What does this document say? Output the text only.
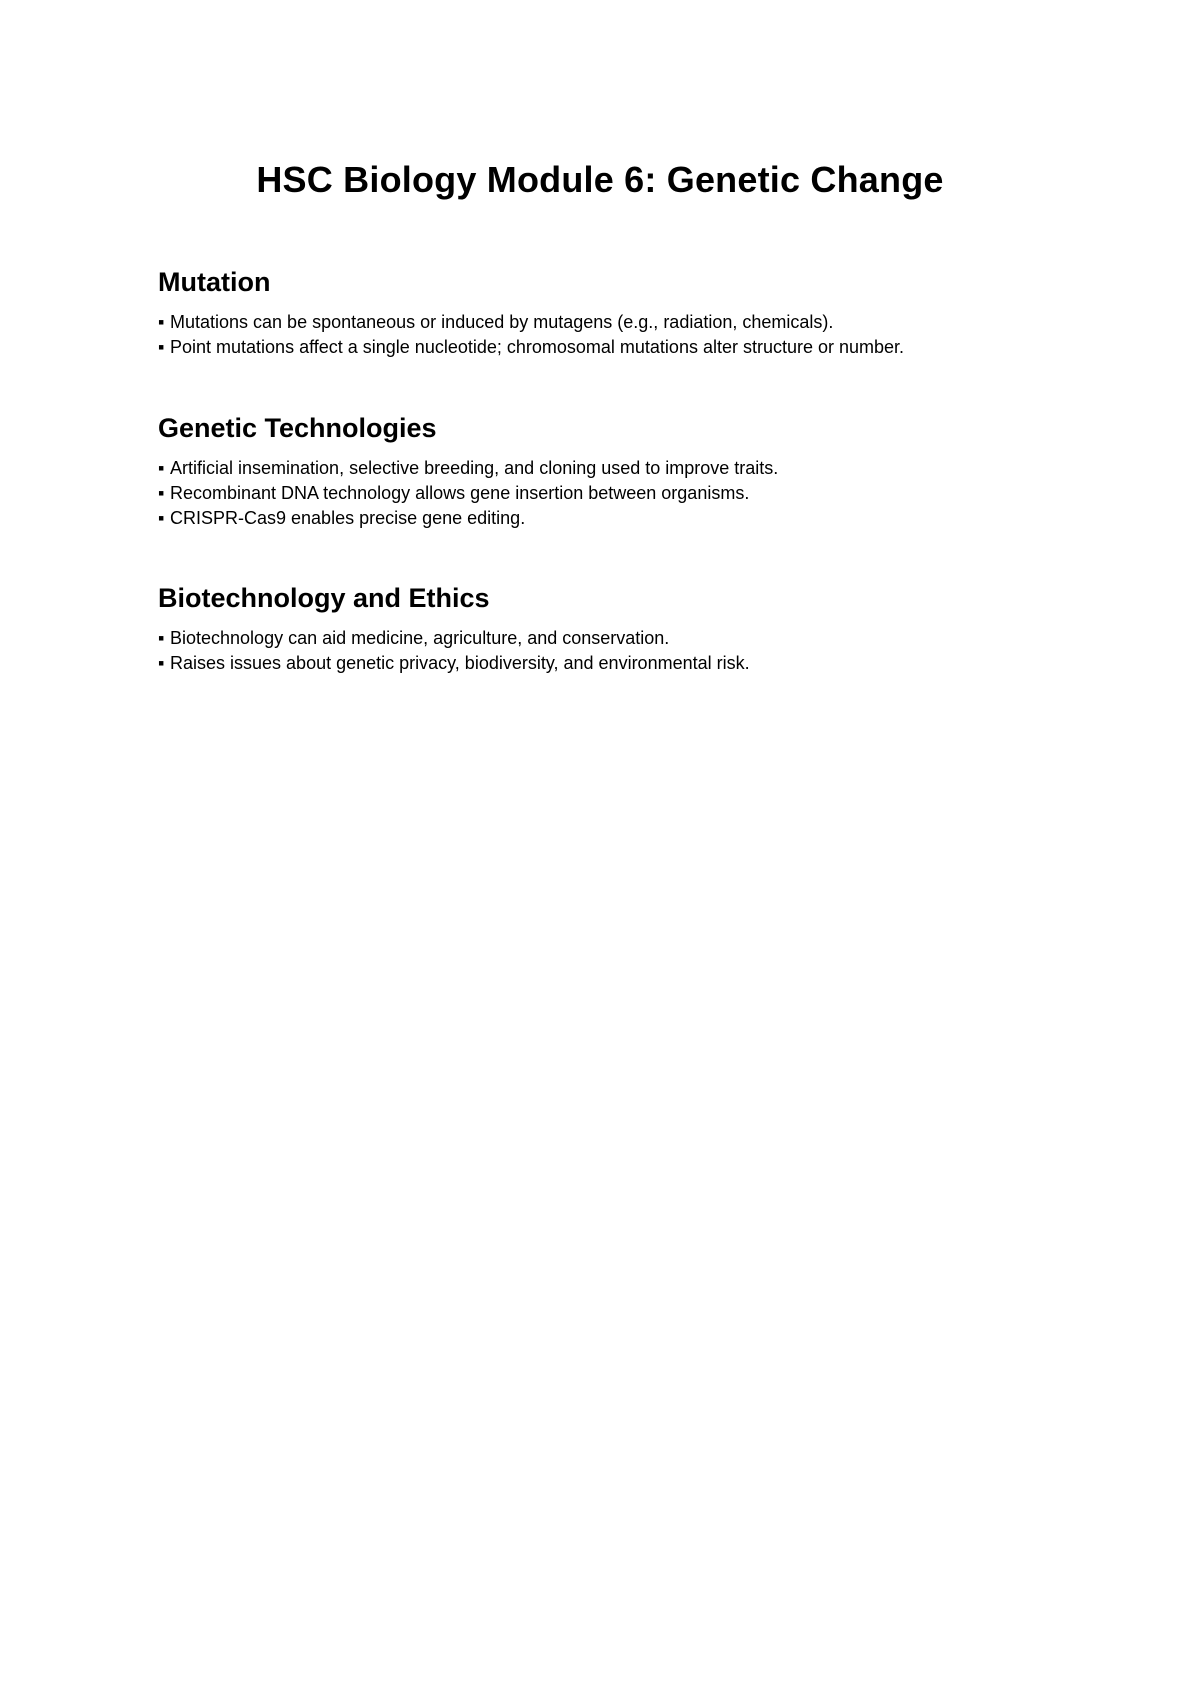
HSC Biology Module 6: Genetic Change
Mutation
▪ Mutations can be spontaneous or induced by mutagens (e.g., radiation, chemicals).
▪ Point mutations affect a single nucleotide; chromosomal mutations alter structure or number.
Genetic Technologies
▪ Artificial insemination, selective breeding, and cloning used to improve traits.
▪ Recombinant DNA technology allows gene insertion between organisms.
▪ CRISPR-Cas9 enables precise gene editing.
Biotechnology and Ethics
▪ Biotechnology can aid medicine, agriculture, and conservation.
▪ Raises issues about genetic privacy, biodiversity, and environmental risk.
